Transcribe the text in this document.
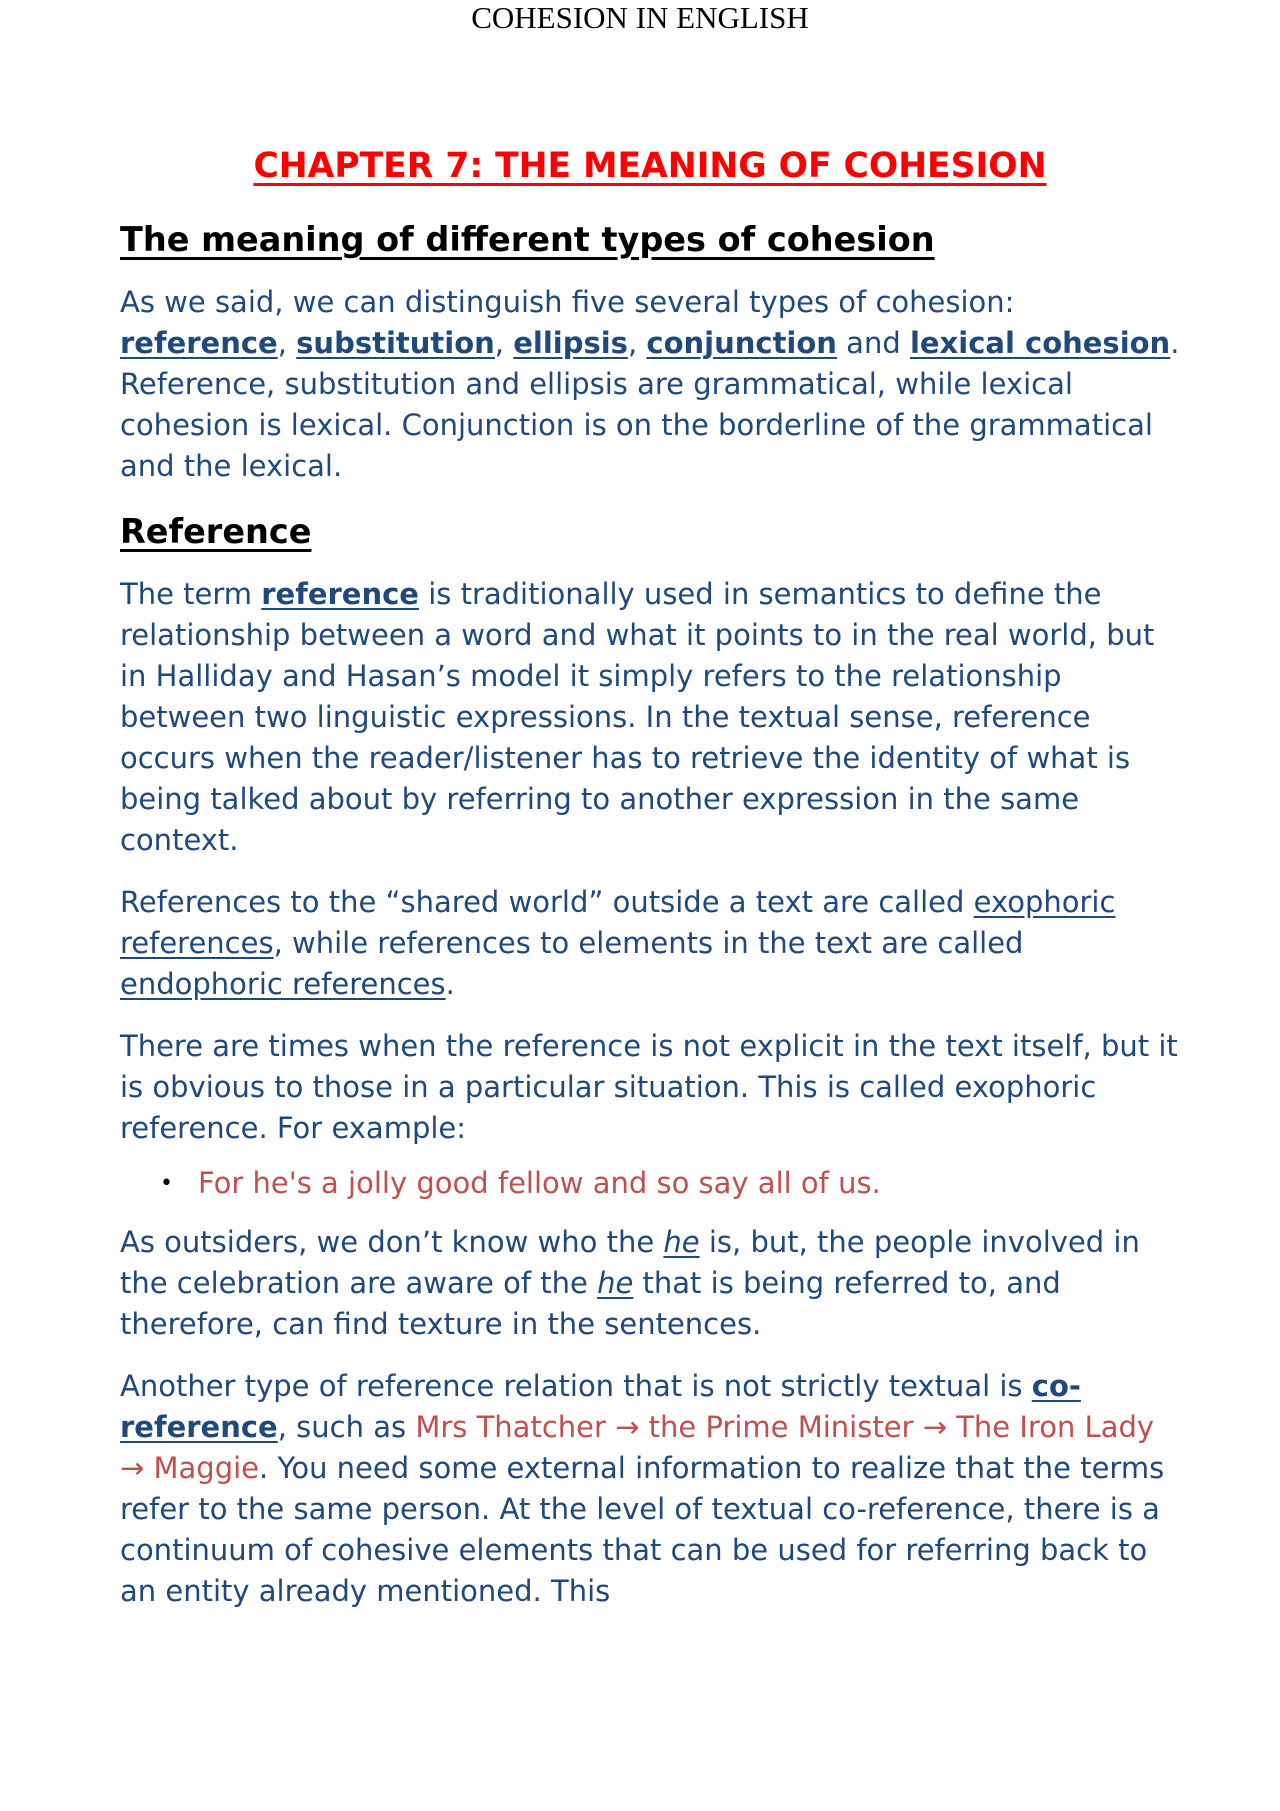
COHESION IN ENGLISH
CHAPTER 7: THE MEANING OF COHESION
The meaning of different types of cohesion

As we said, we can distinguish five several types of cohesion: reference, substitution, ellipsis, conjunction and lexical cohesion. Reference, substitution and ellipsis are grammatical, while lexical cohesion is lexical. Conjunction is on the borderline of the grammatical and the lexical.

Reference

The term reference is traditionally used in semantics to define the relationship between a word and what it points to in the real world, but in Halliday and Hasan’s model it simply refers to the relationship between two linguistic expressions. In the textual sense, reference occurs when the reader/listener has to retrieve the identity of what is being talked about by referring to another expression in the same context.

References to the “shared world” outside a text are called exophoric references, while references to elements in the text are called endophoric references.

There are times when the reference is not explicit in the text itself, but it is obvious to those in a particular situation. This is called exophoric reference. For example:

• For he's a jolly good fellow and so say all of us.

As outsiders, we don’t know who the he is, but, the people involved in the celebration are aware of the he that is being referred to, and therefore, can find texture in the sentences.

Another type of reference relation that is not strictly textual is co-reference, such as Mrs Thatcher → the Prime Minister → The Iron Lady → Maggie. You need some external information to realize that the terms refer to the same person. At the level of textual co-reference, there is a continuum of cohesive elements that can be used for referring back to an entity already mentioned. This
